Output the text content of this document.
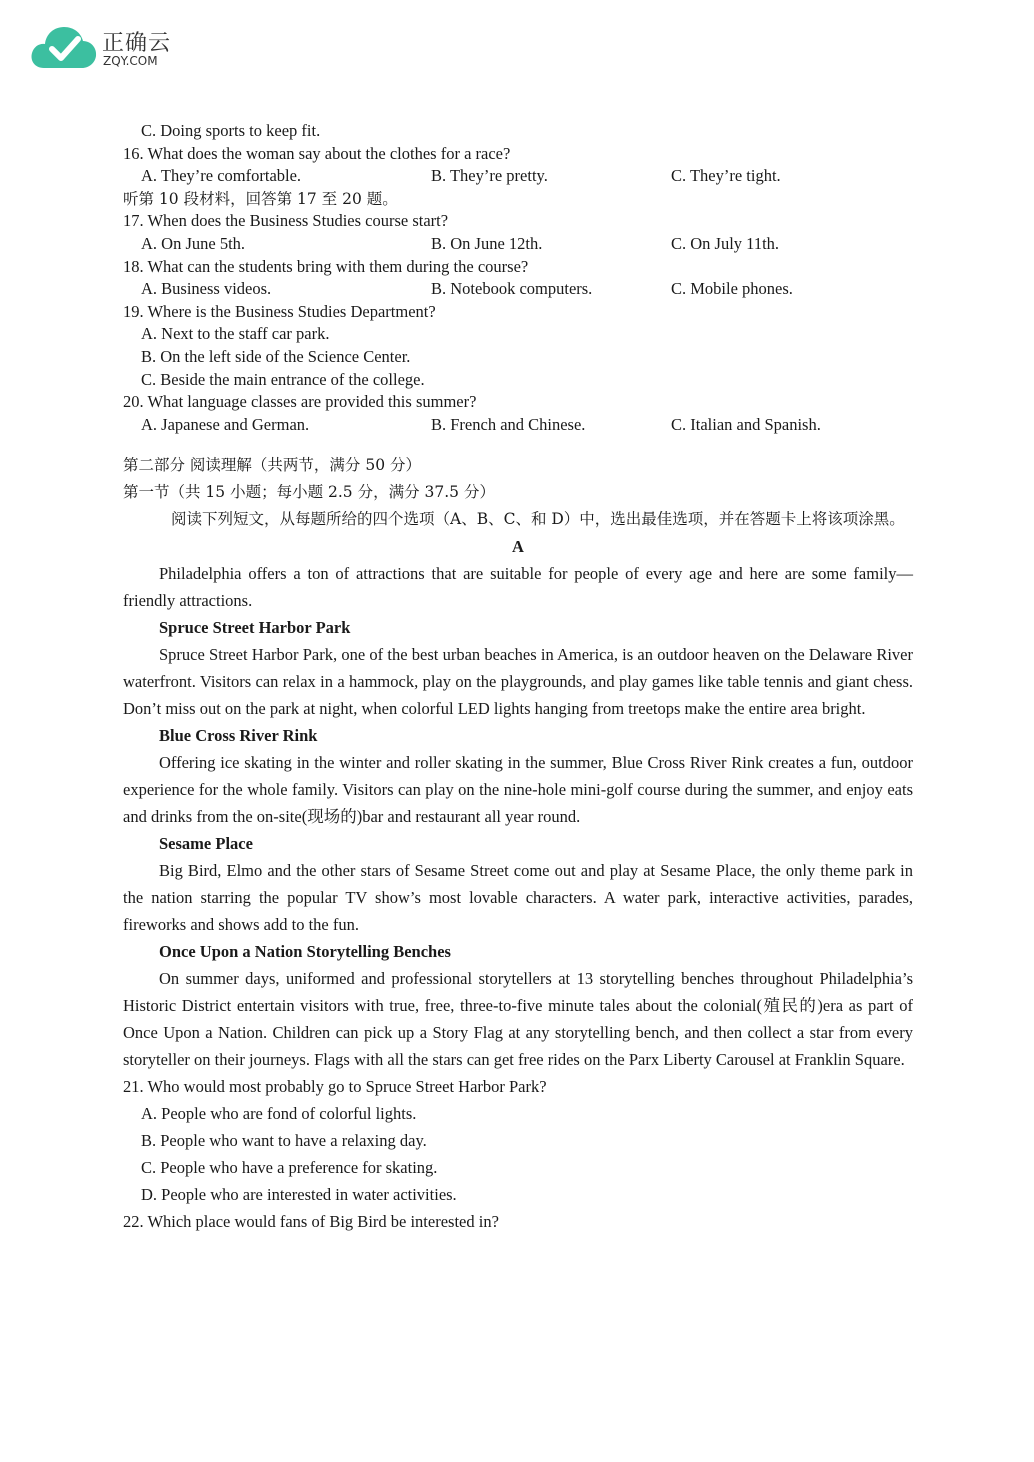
正确云
ZQY.COM
C. Doing sports to keep fit.
16. What does the woman say about the clothes for a race?
A. They’re comfortable.	B. They’re pretty.	C. They’re tight.
听第 10 段材料，回答第 17 至 20 题。
17. When does the Business Studies course start?
A. On June 5th.	B. On June 12th.	C. On July 11th.
18. What can the students bring with them during the course?
A. Business videos.	B. Notebook computers.	C. Mobile phones.
19. Where is the Business Studies Department?
A. Next to the staff car park.
B. On the left side of the Science Center.
C. Beside the main entrance of the college.
20. What language classes are provided this summer?
A. Japanese and German.	B. French and Chinese.	C. Italian and Spanish.
第二部分 阅读理解（共两节，满分 50 分）
第一节（共 15 小题；每小题 2.5 分，满分 37.5 分）
阅读下列短文，从每题所给的四个选项（A、B、C、和 D）中，选出最佳选项，并在答题卡上将该项涂黑。
A
Philadelphia offers a ton of attractions that are suitable for people of every age and here are some family—friendly attractions.
Spruce Street Harbor Park
Spruce Street Harbor Park, one of the best urban beaches in America, is an outdoor heaven on the Delaware River waterfront. Visitors can relax in a hammock, play on the playgrounds, and play games like table tennis and giant chess. Don’t miss out on the park at night, when colorful LED lights hanging from treetops make the entire area bright.
Blue Cross River Rink
Offering ice skating in the winter and roller skating in the summer, Blue Cross River Rink creates a fun, outdoor experience for the whole family. Visitors can play on the nine-hole mini-golf course during the summer, and enjoy eats and drinks from the on-site(现场的)bar and restaurant all year round.
Sesame Place
Big Bird, Elmo and the other stars of Sesame Street come out and play at Sesame Place, the only theme park in the nation starring the popular TV show’s most lovable characters. A water park, interactive activities, parades, fireworks and shows add to the fun.
Once Upon a Nation Storytelling Benches
On summer days, uniformed and professional storytellers at 13 storytelling benches throughout Philadelphia’s Historic District entertain visitors with true, free, three-to-five minute tales about the colonial(殖民的)era as part of Once Upon a Nation. Children can pick up a Story Flag at any storytelling bench, and then collect a star from every storyteller on their journeys. Flags with all the stars can get free rides on the Parx Liberty Carousel at Franklin Square.
21. Who would most probably go to Spruce Street Harbor Park?
A. People who are fond of colorful lights.
B. People who want to have a relaxing day.
C. People who have a preference for skating.
D. People who are interested in water activities.
22. Which place would fans of Big Bird be interested in?
